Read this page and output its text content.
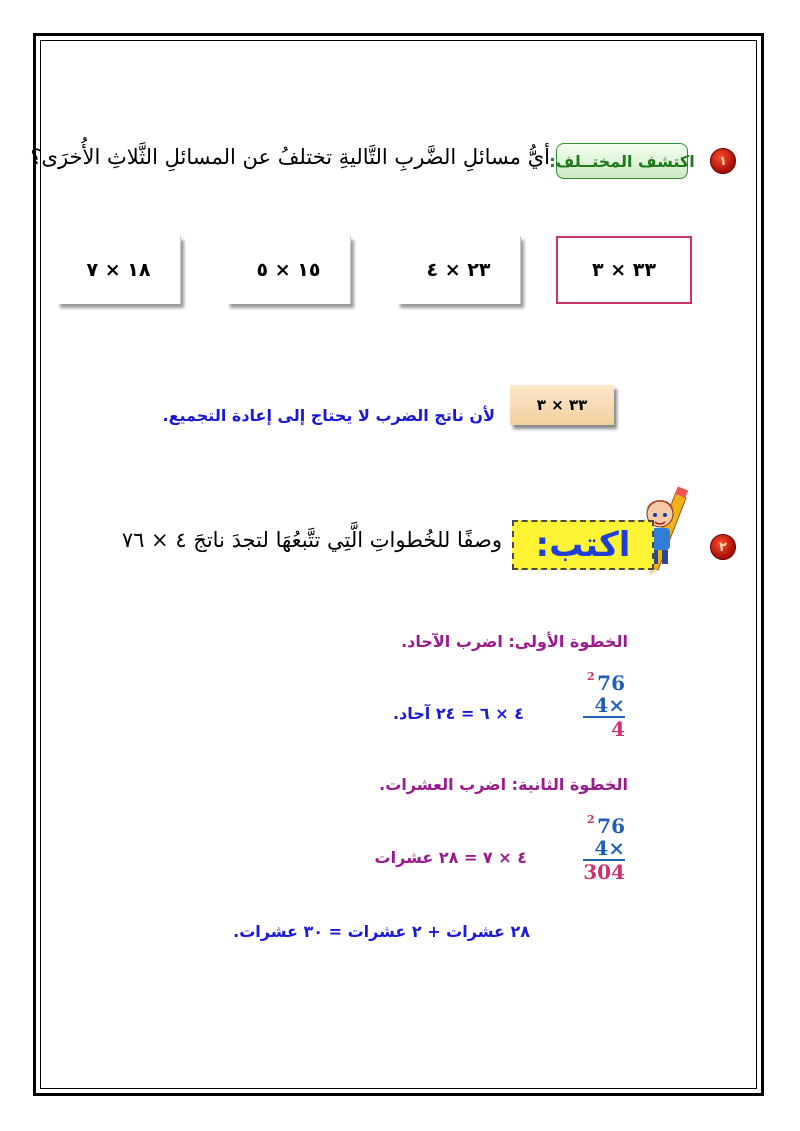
١
اكتشف المختــلف:
أيُّ مسائلِ الضَّربِ التَّاليةِ تختلفُ عن المسائلِ الثَّلاثِ الأُخرَى؟
٣٣ × ٣
٢٣ × ٤
١٥ × ٥
١٨ × ٧
٣٣ × ٣
لأن ناتج الضرب لا يحتاج إلى إعادة التجميع.
٢
اكتب:
وصفًا للخُطواتِ الَّتِي تتَّبعُهَا لتجدَ ناتجَ ٤ × ٧٦
الخطوة الأولى: اضرب الآحاد.
2 76
4×
4
٤ × ٦ = ٢٤ آحاد.
الخطوة الثانية: اضرب العشرات.
2 76
4×
304
٤ × ٧ = ٢٨ عشرات
٢٨ عشرات + ٢ عشرات = ٣٠ عشرات.
